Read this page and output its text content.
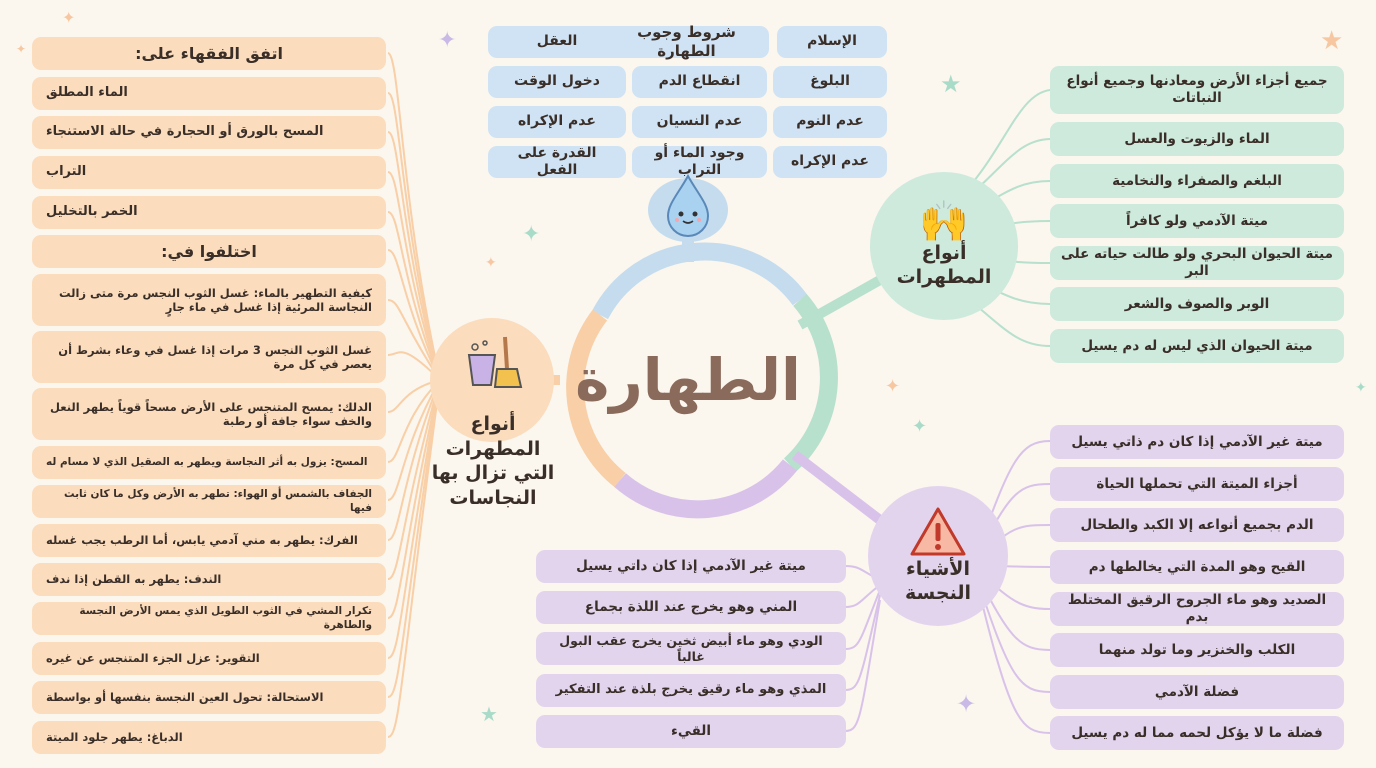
✦
✦	✦	★
★
✦
✦
✦
✦
✦
★	✦
العقل	شروط وجوب الطهارة
الإسلام
دخول الوقت	انقطاع الدم	البلوغ
عدم الإكراه	عدم النسيان	عدم النوم
القدرة على الفعل
وجود الماء أو التراب
عدم الإكراه
الطهارة
🙌
أنواع المطهرات
جميع أجزاء الأرض ومعادنها وجميع أنواع النباتات
الماء والزيوت والعسل
البلغم والصفراء والنخامية
ميتة الآدمي ولو كافراً
ميتة الحيوان البحري ولو طالت حياته على البر
الوبر والصوف والشعر
ميتة الحيوان الذي ليس له دم يسيل
الأشياء النجسة
ميتة غير الآدمي إذا كان دم ذاتي يسيل
أجزاء الميتة التي تحملها الحياة
الدم بجميع أنواعه إلا الكبد والطحال
القيح وهو المدة التي يخالطها دم
الصديد وهو ماء الجروح الرقيق المختلط بدم
الكلب والخنزير وما تولد منهما
فضلة الآدمي
فضلة ما لا يؤكل لحمه مما له دم يسيل
ميتة غير الآدمي إذا كان داتي يسيل
المني وهو يخرج عند اللذة بجماع
الودي وهو ماء أبيض ثخين يخرج عقب البول غالباً
المذي وهو ماء رقيق يخرج بلذة عند التفكير
القيء
أنواع المطهرات التي تزال بها النجاسات
اتفق الفقهاء على:
الماء المطلق
المسح بالورق أو الحجارة في حالة الاستنجاء
التراب
الخمر بالتخليل
اختلفوا في:
كيفية التطهير بالماء: غسل الثوب النجس مرة متى زالت النجاسة المرئية إذا غسل في ماء جارٍ
غسل الثوب النجس 3 مرات إذا غسل في وعاء بشرط أن يعصر في كل مرة
الدلك: يمسح المتنجس على الأرض مسحاً قوياً يطهر النعل والخف سواء جافة أو رطبة
المسح: يزول به أثر النجاسة ويطهر به الصقيل الذي لا مسام له
الجفاف بالشمس أو الهواء: تطهر به الأرض وكل ما كان ثابت فيها
الفرك: يطهر به مني آدمي يابس، أما الرطب يجب غسله
الندف: يطهر به القطن إذا ندف
تكرار المشي في الثوب الطويل الذي يمس الأرض النجسة والطاهرة
التقوير: عزل الجزء المتنجس عن غيره
الاستحالة: تحول العين النجسة بنفسها أو بواسطة
الدباغ: يطهر جلود الميتة
